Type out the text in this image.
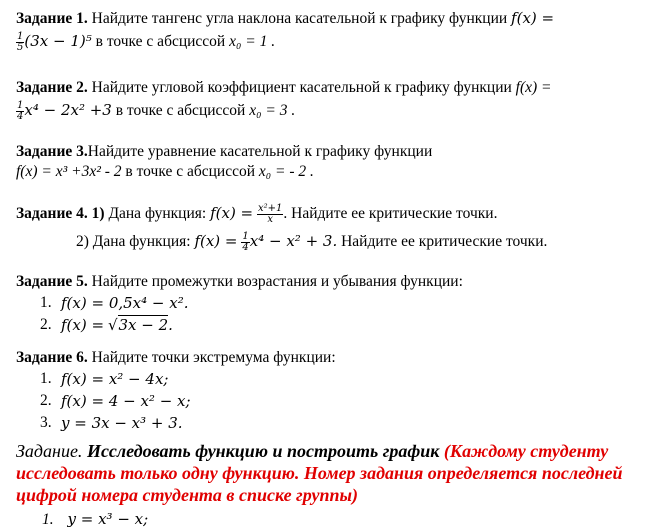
Задание 1. Найдите тангенс угла наклона касательной к графику функции f(x) =
$\frac{1}{5} (3x - 1)^5$ в точке с абсциссой x₀ = 1 .
Задание 2. Найдите угловой коэффициент касательной к графику функции f(x) =
$\frac{1}{4} x^4 - 2x^2 +3$ в точке с абсциссой x₀ = 3 .
Задание 3.Найдите уравнение касательной к графику функции
f(x) = x³ +3x² - 2 в точке с абсциссой x₀ = - 2 .
Задание 4. 1) Дана функция: $f(x) = \frac{\text{x²+1}}{x}$ . Найдите ее критические точки.
2) Дана функция: $f(x) = \frac{1}{4} x^4 - x^2 + 3$. Найдите ее критические точки.
Задание 5. Найдите промежутки возрастания и убывания функции:
1. f(x) = 0,5x⁴ − x².
2. f(x) = √3x − 2.
Задание 6. Найдите точки экстремума функции:
1. f(x) = x² − 4x;
2. f(x) = 4 − x² − x;
3. y = 3x − x³ + 3.
Задание. Исследовать функцию и построить график (Каждому студенту исследовать только одну функцию. Номер задания определяется последней цифрой номера студента в списке группы)
1. y = x³ − x;
